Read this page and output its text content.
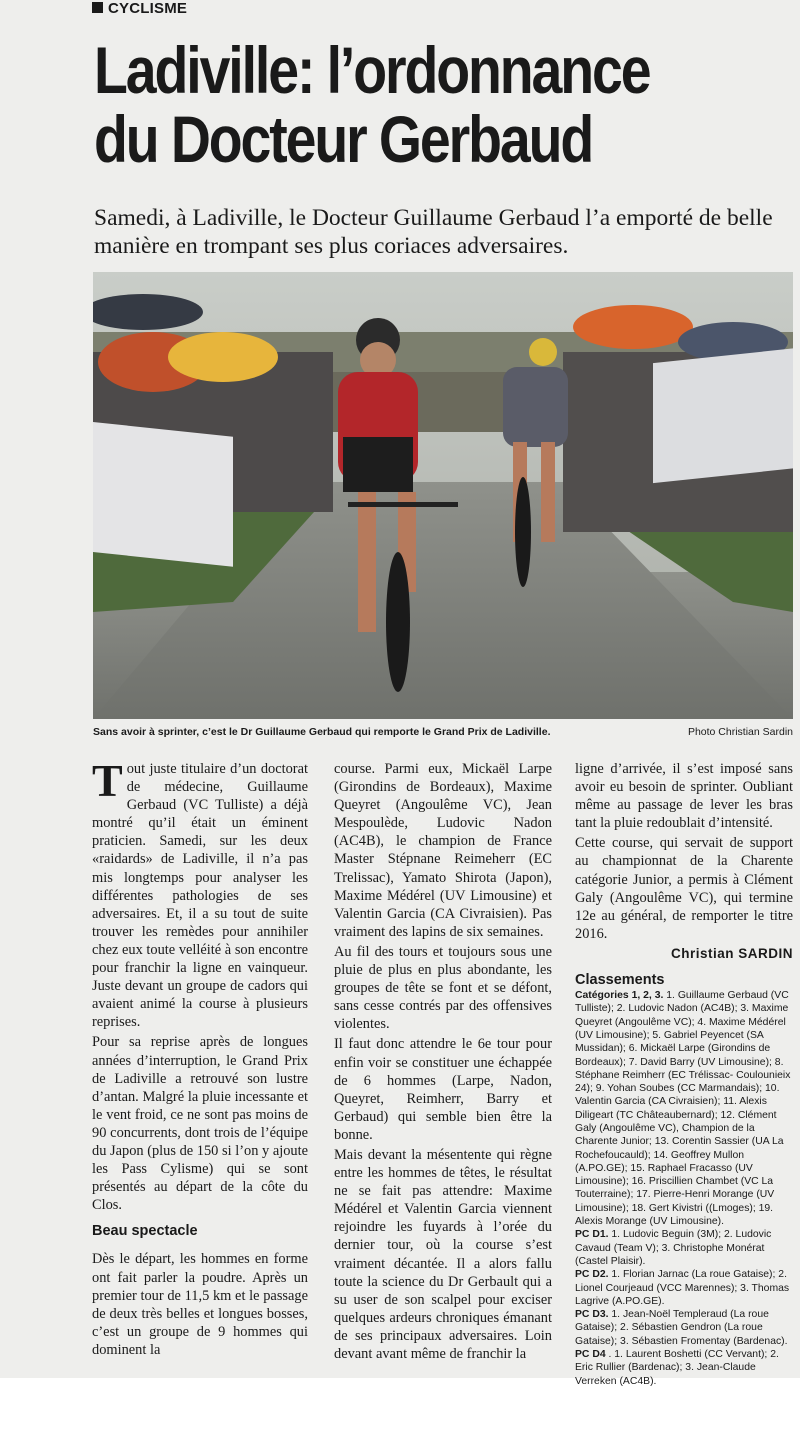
CYCLISME
Ladiville: l’ordonnance
du Docteur Gerbaud
Samedi, à Ladiville, le Docteur Guillaume Gerbaud l’a emporté de belle manière en trompant ses plus coriaces adversaires.
Sans avoir à sprinter, c’est le Dr Guillaume Gerbaud qui remporte le Grand Prix de Ladiville.	Photo Christian Sardin

Tout juste titulaire d’un doctorat de médecine, Guillaume Gerbaud (VC Tulliste) a déjà montré qu’il était un éminent praticien. Samedi, sur les deux «raidards» de Ladiville, il n’a pas mis longtemps pour analyser les différentes pathologies de ses adversaires. Et, il a su tout de suite trouver les remèdes pour annihiler chez eux toute velléité à son encontre pour franchir la ligne en vainqueur. Juste devant un groupe de cadors qui avaient animé la course à plusieurs reprises.

Pour sa reprise après de longues années d’interruption, le Grand Prix de Ladiville a retrouvé son lustre d’antan. Malgré la pluie incessante et le vent froid, ce ne sont pas moins de 90 concurrents, dont trois de l’équipe du Japon (plus de 150 si l’on y ajoute les Pass Cylisme) qui se sont présentés au départ de la côte du Clos.

Beau spectacle

Dès le départ, les hommes en forme ont fait parler la poudre. Après un premier tour de 11,5 km et le passage de deux très belles et longues bosses, c’est un groupe de 9 hommes qui dominent la

course. Parmi eux, Mickaël Larpe (Girondins de Bordeaux), Maxime Queyret (Angoulême VC), Jean Mespoulède, Ludovic Nadon (AC4B), le champion de France Master Stépnane Reimeherr (EC Trelissac), Yamato Shirota (Japon), Maxime Médérel (UV Limousine) et Valentin Garcia (CA Civraisien). Pas vraiment des lapins de six semaines.

Au fil des tours et toujours sous une pluie de plus en plus abondante, les groupes de tête se font et se défont, sans cesse contrés par des offensives violentes.

Il faut donc attendre le 6e tour pour enfin voir se constituer une échappée de 6 hommes (Larpe, Nadon, Queyret, Reimherr, Barry et Gerbaud) qui semble bien être la bonne.

Mais devant la mésentente qui règne entre les hommes de têtes, le résultat ne se fait pas attendre: Maxime Médérel et Valentin Garcia viennent rejoindre les fuyards à l’orée du dernier tour, où la course s’est vraiment décantée. Il a alors fallu toute la science du Dr Gerbault qui a su user de son scalpel pour exciser quelques ardeurs chroniques émanant de ses principaux adversaires. Loin devant avant même de franchir la

ligne d’arrivée, il s’est imposé sans avoir eu besoin de sprinter. Oubliant même au passage de lever les bras tant la pluie redoublait d’intensité.

Cette course, qui servait de support au championnat de la Charente catégorie Junior, a permis à Clément Galy (Angoulême VC), qui termine 12e au général, de remporter le titre 2016.

Christian SARDIN
Classements
Catégories 1, 2, 3. 1. Guillaume Gerbaud (VC Tulliste); 2. Ludovic Nadon (AC4B); 3. Maxime Queyret (Angoulême VC); 4. Maxime Médérel (UV Limousine); 5. Gabriel Peyencet (SA Mussidan); 6. Mickaël Larpe (Girondins de Bordeaux); 7. David Barry (UV Limousine); 8. Stéphane Reimherr (EC Trélissac- Coulounieix 24); 9. Yohan Soubes (CC Marmandais); 10. Valentin Garcia (CA Civraisien); 11. Alexis Diligeart (TC Châteaubernard); 12. Clément Galy (Angoulême VC), Champion de la Charente Junior; 13. Corentin Sassier (UA La Rochefoucauld); 14. Geoffrey Mullon (A.PO.GE); 15. Raphael Fracasso (UV Limousine); 16. Priscillien Chambet (VC La Touterraine); 17. Pierre-Henri Morange (UV Limousine); 18. Gert Kivistri ((Lmoges); 19. Alexis Morange (UV Limousine).
PC D1. 1. Ludovic Beguin (3M); 2. Ludovic Cavaud (Team V); 3. Christophe Monérat (Castel Plaisir).
PC D2. 1. Florian Jarnac (La roue Gataise); 2. Lionel Courjeaud (VCC Marennes); 3. Thomas Lagrive (A.PO.GE).
PC D3. 1. Jean-Noël Templeraud (La roue Gataise); 2. Sébastien Gendron (La roue Gataise); 3. Sébastien Fromentay (Bardenac).
PC D4 . 1. Laurent Boshetti (CC Vervant); 2. Eric Rullier (Bardenac); 3. Jean-Claude Verreken (AC4B).
